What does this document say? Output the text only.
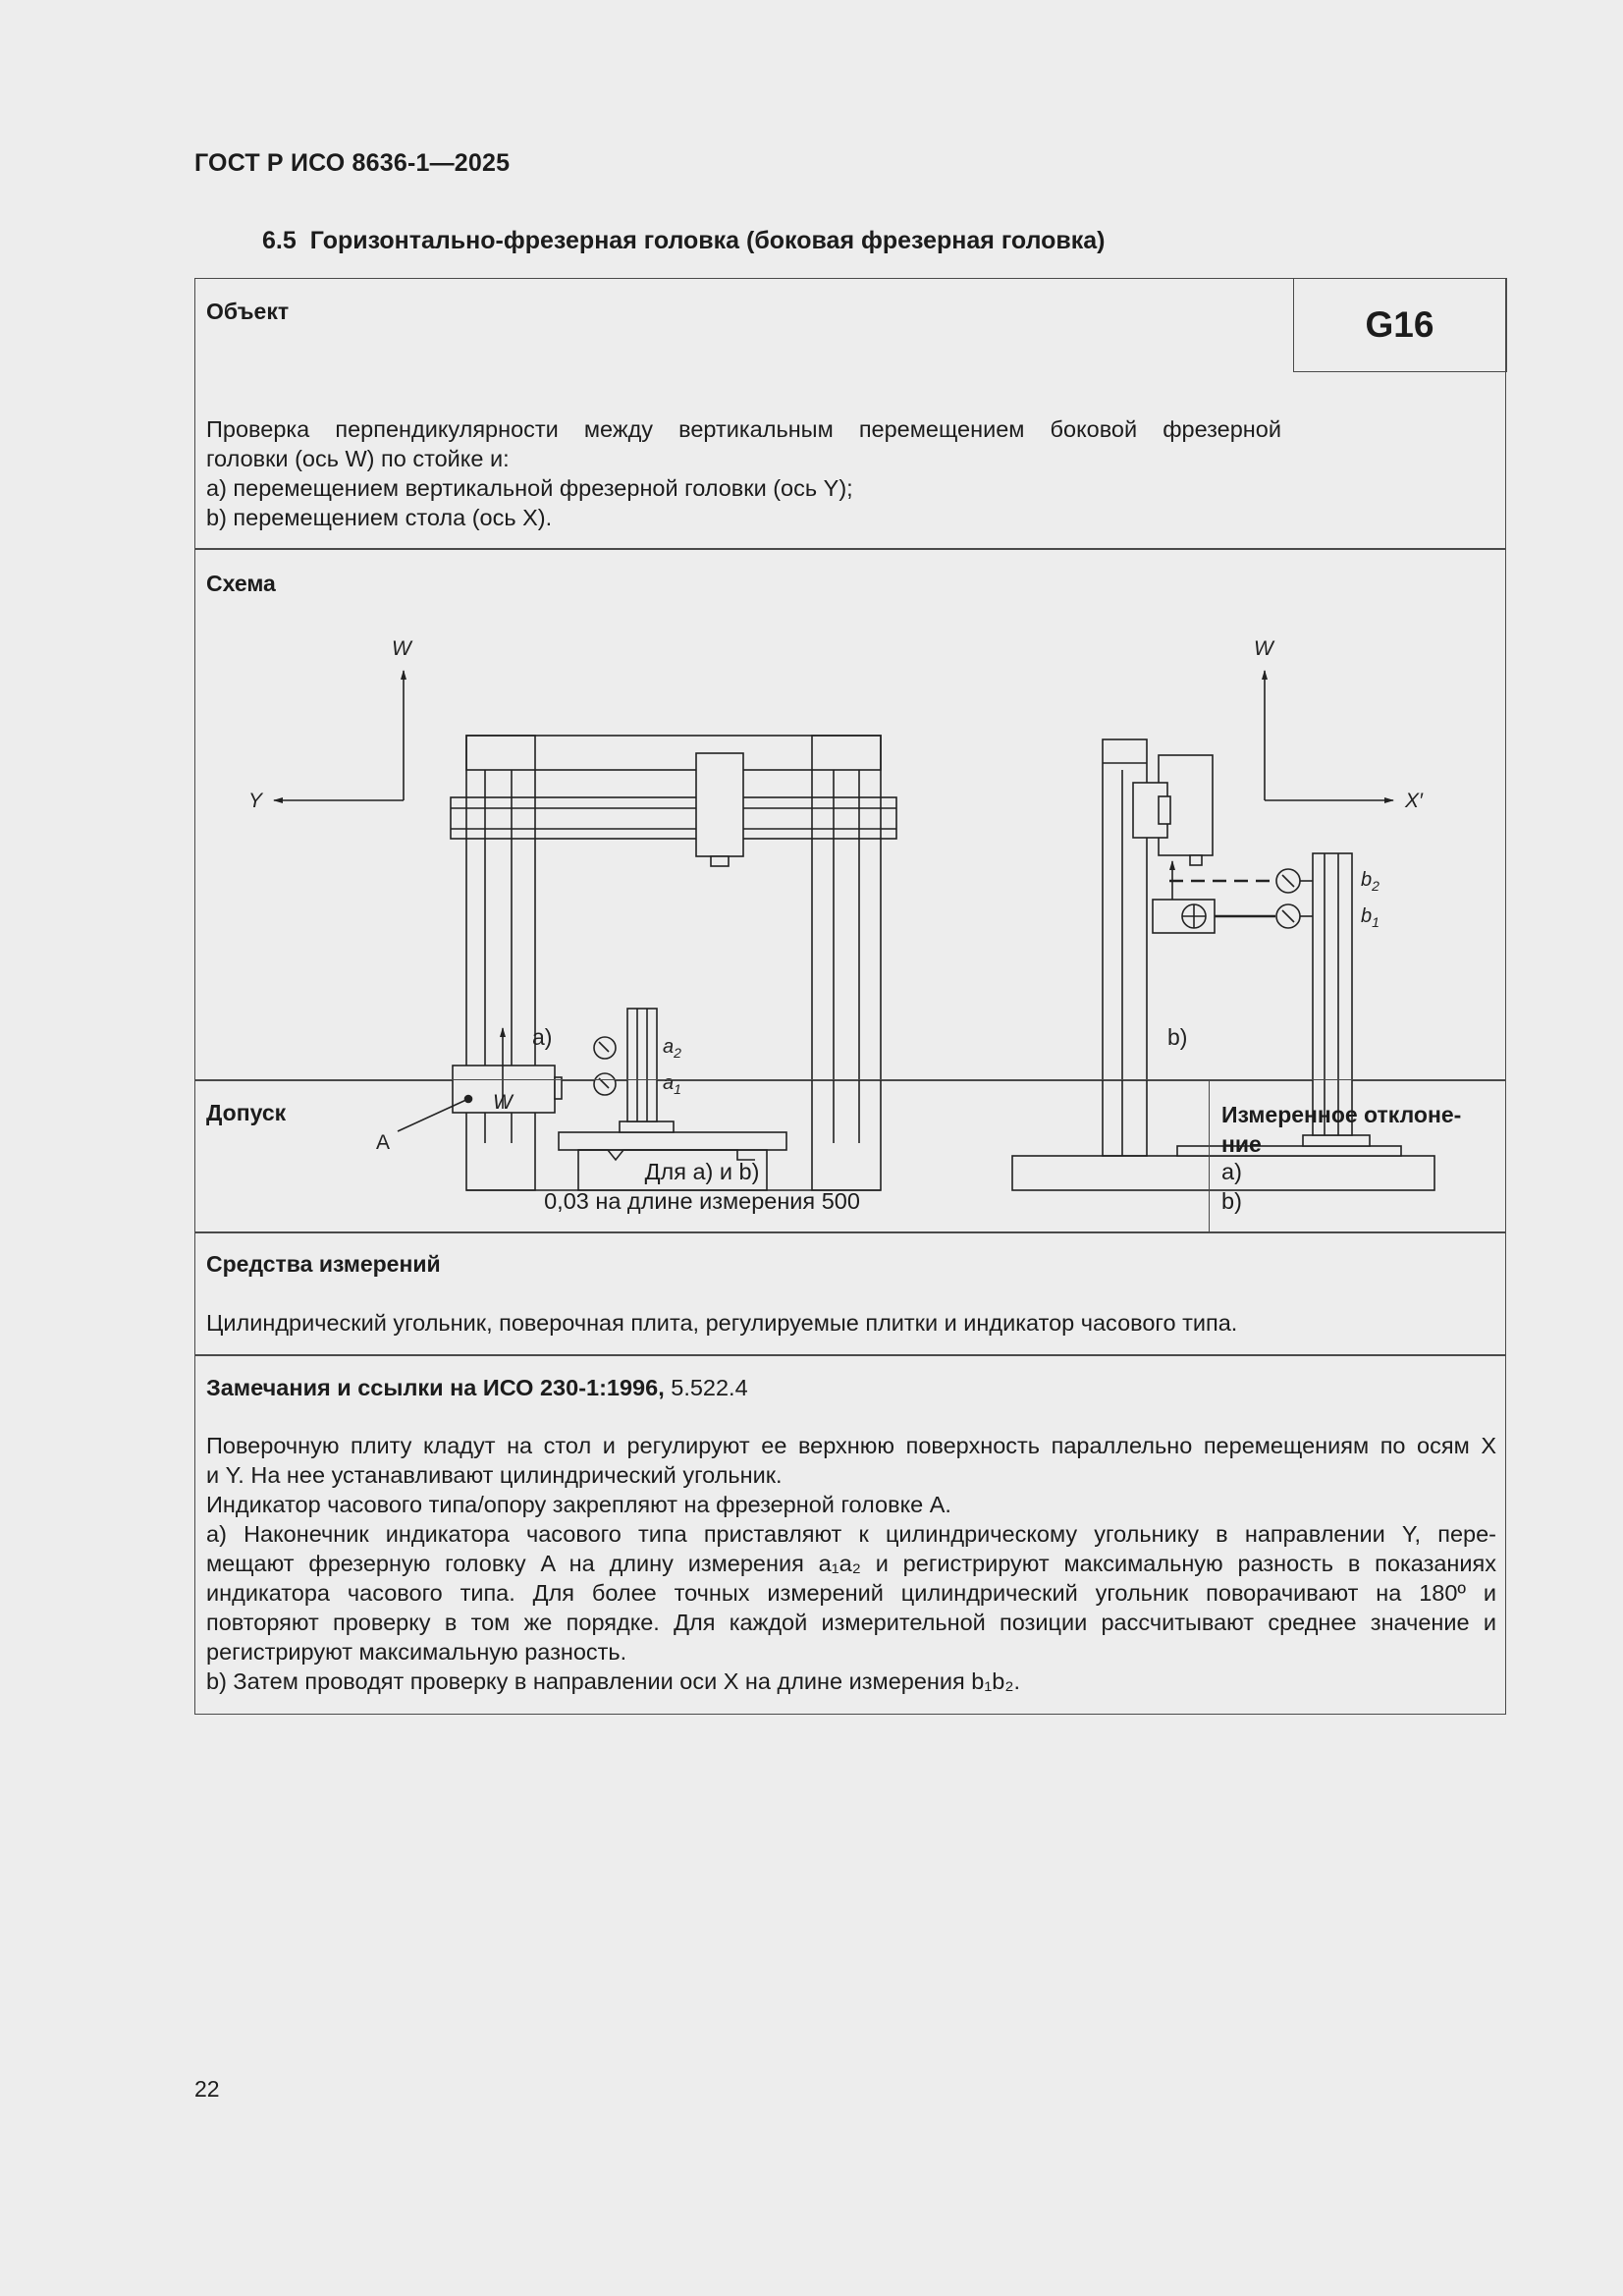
ГОСТ Р ИСО 8636-1—2025
6.5 Горизонтально-фрезерная головка (боковая фрезерная головка)
Объект	G16

Проверка перпендикулярности между вертикальным перемещением боковой фрезерной

головки (ось W) по стойке и:

a) перемещением вертикальной фрезерной головки (ось Y);

b) перемещением стола (ось X).

Схема
W
Y
$a_2$
$a_1$
W
A
a)
W
X′
$b_2$
$b_1$
b)
Допуск

Для a) и b)

0,03 на длине измерения 500

Измеренное отклоне-
ние

a)

b)

Средства измерений
Цилиндрический угольник, поверочная плита, регулируемые плитки и индикатор часового типа.
Замечания и ссылки на ИСО 230-1:1996, 5.522.4

Поверочную плиту кладут на стол и регулируют ее верхнюю поверхность параллельно перемещениям по осям X

и Y. На нее устанавливают цилиндрический угольник.

Индикатор часового типа/опору закрепляют на фрезерной головке A.

a) Наконечник индикатора часового типа приставляют к цилиндрическому угольнику в направлении Y, пере-

мещают фрезерную головку A на длину измерения a₁a₂ и регистрируют максимальную разность в показаниях

индикатора часового типа. Для более точных измерений цилиндрический угольник поворачивают на 180º и

повторяют проверку в том же порядке. Для каждой измерительной позиции рассчитывают среднее значение и

регистрируют максимальную разность.

b) Затем проводят проверку в направлении оси X на длине измерения b₁b₂.

22
